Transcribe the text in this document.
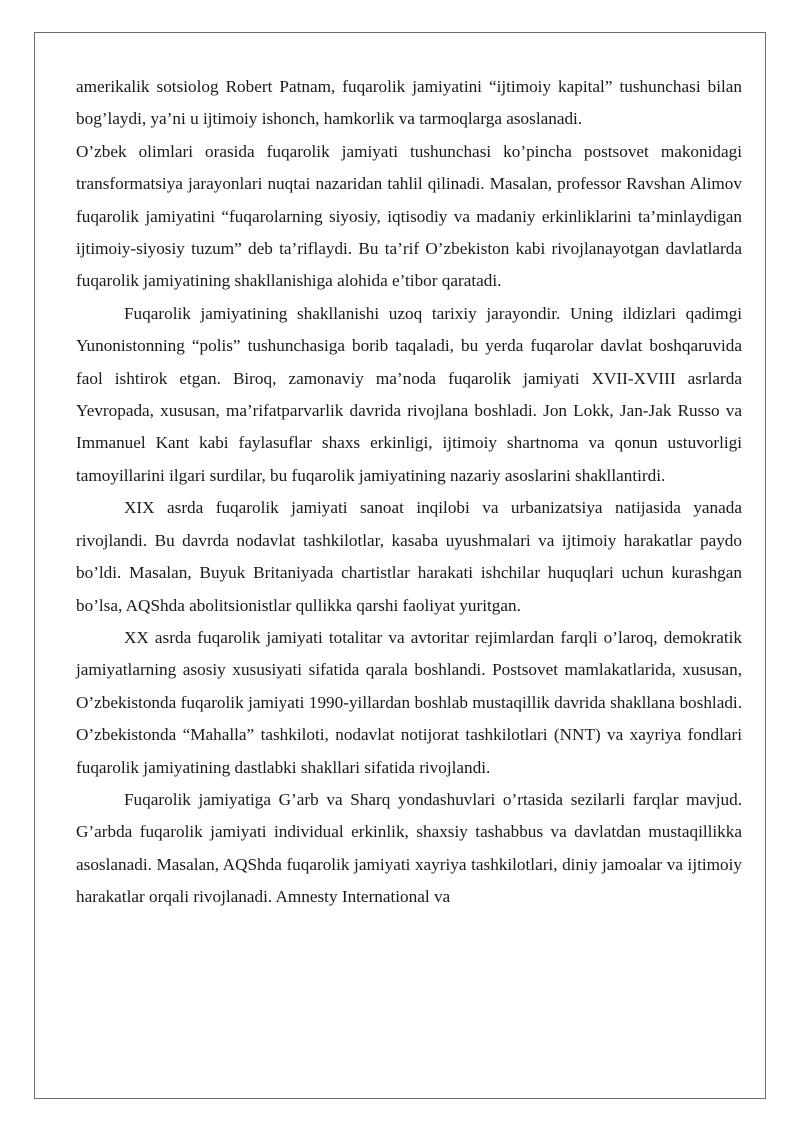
amerikalik sotsiolog Robert Patnam, fuqarolik jamiyatini “ijtimoiy kapital” tushunchasi bilan bog’laydi, ya’ni u ijtimoiy ishonch, hamkorlik va tarmoqlarga asoslanadi.

O’zbek olimlari orasida fuqarolik jamiyati tushunchasi ko’pincha postsovet makonidagi transformatsiya jarayonlari nuqtai nazaridan tahlil qilinadi. Masalan, professor Ravshan Alimov fuqarolik jamiyatini “fuqarolarning siyosiy, iqtisodiy va madaniy erkinliklarini ta’minlaydigan ijtimoiy-siyosiy tuzum” deb ta’riflaydi. Bu ta’rif O’zbekiston kabi rivojlanayotgan davlatlarda fuqarolik jamiyatining shakllanishiga alohida e’tibor qaratadi.

Fuqarolik jamiyatining shakllanishi uzoq tarixiy jarayondir. Uning ildizlari qadimgi Yunonistonning “polis” tushunchasiga borib taqaladi, bu yerda fuqarolar davlat boshqaruvida faol ishtirok etgan. Biroq, zamonaviy ma’noda fuqarolik jamiyati XVII-XVIII asrlarda Yevropada, xususan, ma’rifatparvarlik davrida rivojlana boshladi. Jon Lokk, Jan-Jak Russo va Immanuel Kant kabi faylasuflar shaxs erkinligi, ijtimoiy shartnoma va qonun ustuvorligi tamoyillarini ilgari surdilar, bu fuqarolik jamiyatining nazariy asoslarini shakllantirdi.

XIX asrda fuqarolik jamiyati sanoat inqilobi va urbanizatsiya natijasida yanada rivojlandi. Bu davrda nodavlat tashkilotlar, kasaba uyushmalari va ijtimoiy harakatlar paydo bo’ldi. Masalan, Buyuk Britaniyada chartistlar harakati ishchilar huquqlari uchun kurashgan bo’lsa, AQShda abolitsionistlar qullikka qarshi faoliyat yuritgan.

XX asrda fuqarolik jamiyati totalitar va avtoritar rejimlardan farqli o’laroq, demokratik jamiyatlarning asosiy xususiyati sifatida qarala boshlandi. Postsovet mamlakatlarida, xususan, O’zbekistonda fuqarolik jamiyati 1990-yillardan boshlab mustaqillik davrida shakllana boshladi. O’zbekistonda “Mahalla” tashkiloti, nodavlat notijorat tashkilotlari (NNT) va xayriya fondlari fuqarolik jamiyatining dastlabki shakllari sifatida rivojlandi.

Fuqarolik jamiyatiga G’arb va Sharq yondashuvlari o’rtasida sezilarli farqlar mavjud. G’arbda fuqarolik jamiyati individual erkinlik, shaxsiy tashabbus va davlatdan mustaqillikka asoslanadi. Masalan, AQShda fuqarolik jamiyati xayriya tashkilotlari, diniy jamoalar va ijtimoiy harakatlar orqali rivojlanadi. Amnesty International va
